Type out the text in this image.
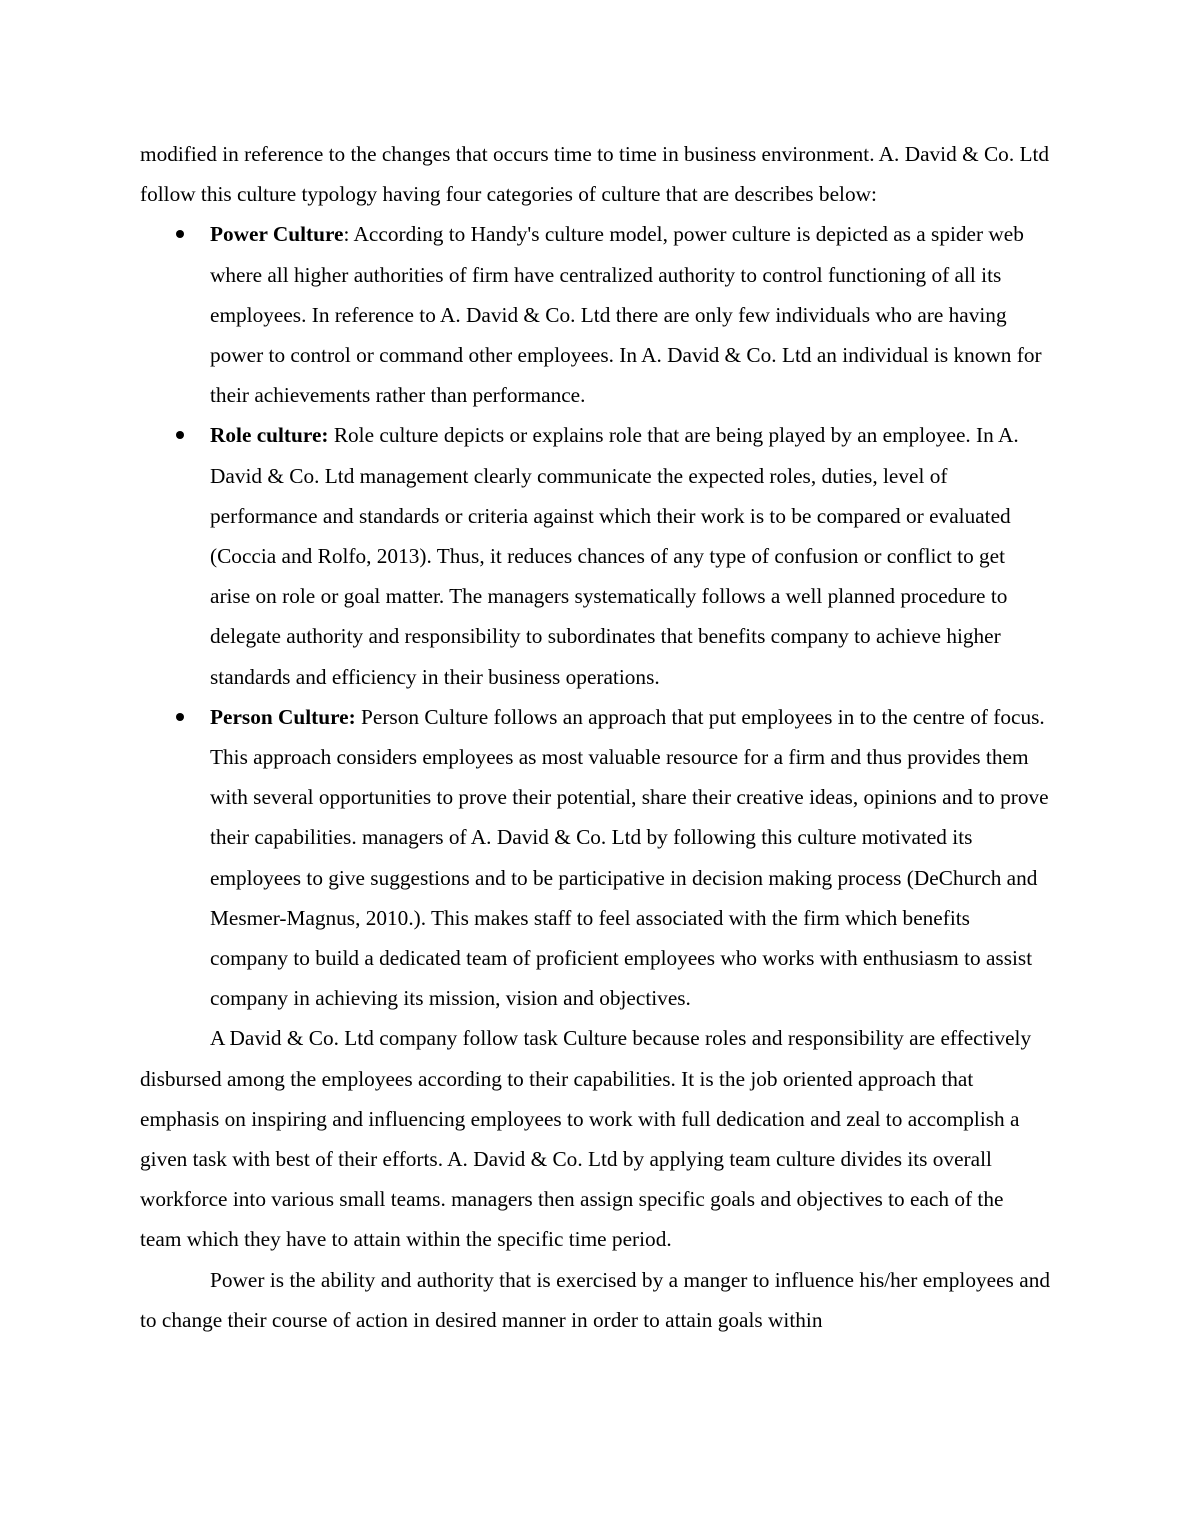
modified in reference to the changes that occurs time to time in business environment. A. David & Co. Ltd follow this culture typology having four categories of culture that are describes below:

Power Culture: According to Handy's culture model, power culture is depicted as a spider web where all higher authorities of firm have centralized authority to control functioning of all its employees. In reference to A. David & Co. Ltd there are only few individuals who are having power to control or command other employees. In A. David & Co. Ltd an individual is known for their achievements rather than performance.
Role culture: Role culture depicts or explains role that are being played by an employee. In A. David & Co. Ltd management clearly communicate the expected roles, duties, level of performance and standards or criteria against which their work is to be compared or evaluated (Coccia and Rolfo, 2013). Thus, it reduces chances of any type of confusion or conflict to get arise on role or goal matter. The managers systematically follows a well planned procedure to delegate authority and responsibility to subordinates that benefits company to achieve higher standards and efficiency in their business operations.
Person Culture: Person Culture follows an approach that put employees in to the centre of focus. This approach considers employees as most valuable resource for a firm and thus provides them with several opportunities to prove their potential, share their creative ideas, opinions and to prove their capabilities. managers of A. David & Co. Ltd by following this culture motivated its employees to give suggestions and to be participative in decision making process (DeChurch and Mesmer-Magnus, 2010.). This makes staff to feel associated with the firm which benefits company to build a dedicated team of proficient employees who works with enthusiasm to assist company in achieving its mission, vision and objectives.

A David & Co. Ltd company follow task Culture because roles and responsibility are effectively disbursed among the employees according to their capabilities. It is the job oriented approach that emphasis on inspiring and influencing employees to work with full dedication and zeal to accomplish a given task with best of their efforts. A. David & Co. Ltd by applying team culture divides its overall workforce into various small teams. managers then assign specific goals and objectives to each of the team which they have to attain within the specific time period.

Power is the ability and authority that is exercised by a manger to influence his/her employees and to change their course of action in desired manner in order to attain goals within
